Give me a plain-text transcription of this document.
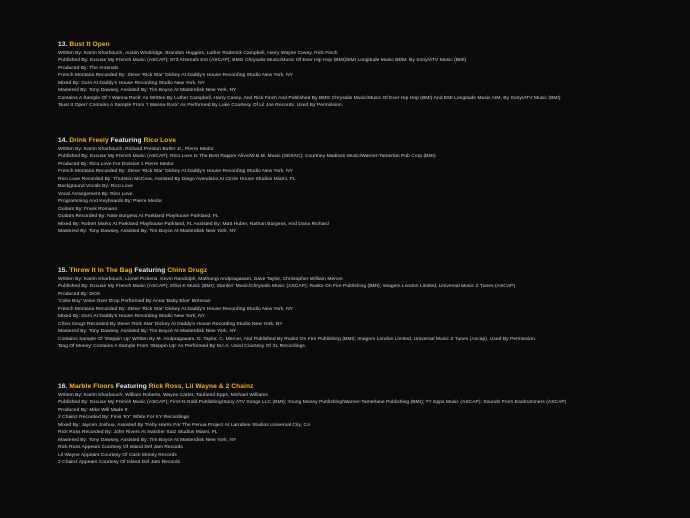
13. Bust It Open
Written By: Karim Kharbouch, Austin Woolridge, Brandon Huggins, Luther Roderick Campbell, Harry Wayne Casey, Rick Finch
Published By: Excuse My French Music (ASCAP); 973 Arsenals Ent (ASCAP); BMG Chrysalis Music/Music Of Ever Hip Hop (BMI)/EMI Longitude Music BDM. By Sony/ATV Music (BMI)
Produced By: The Arsenals
French Montana Recorded By: Steve 'Rick Star' Dickey At Daddy's House Recording Studio New York, NY
Mixed By: Duro At Daddy's House Recording Studio New York, NY
Mastered By: Tony Dawsey, Assisted By: Tim Boyce At Masterdisk New York, NY
Contains A Sample Of 'I Wanna Rock' As Written By Luther Campbell, Harry Casey, And Rick Finch And Published By BMG Chrysalis Music/Music Of Ever Hip Hop (BMI) And EMI Longitude Music AIM, By Sony/ATV Music (BMI)
'Bust It Open' Contains A Sample From 'I Wanna Rock' As Performed By Luke Courtesy Of Lil Joe Records. Used By Permission.
14. Drink Freely Featuring Rico Love
Written By: Karim Kharbouch, Richard Preston Butler Jr., Pierre Medor
Published By: Excuse My French Music (ASCAP); Rico Love Is The Best Rapper Alive/W.B.M. Music (SESAC); Courtney Madison Music/Warner-Tamerlan Pub Corp (BMI)
Produced By: Rico Love For Division 1 Pierre Medor
French Montana Recorded By: Steve 'Rick Star' Dickey At Daddy's House Recording Studio New York, NY
Rico Love Recorded By: Thurston McCrea, Assisted By Diego Avendano At Circle House Studios Miami, FL
Background Vocals By: Rico Love
Vocal Arrangement By: Rico Love
Programming And Keyboards By: Pierre Medor
Guitars By: Frank Romano
Guitars Recorded By: Nate Burgess At Parkland Playhouse Parkland, FL
Mixed By: Robert Marks At Parkland Playhouse Parkland, FL Assisted By: Matt Huber, Nathan Burgess, And Dana Richard
Mastered By: Tony Dawsey, Assisted By: Tim Boyce At Masterdisk New York, NY
15. Throw It In The Bag Featuring Chinx Drugz
Written By: Karim Kharbouch, Lionel Pickens, Kevin Randolph, Mathangi Arulpragasam, Dave Taylor, Christopher William Mercer.
Published By: Excuse My French Music (ASCAP); Elliot K Music (BMI); Stankin' Music/Chrysalis Music (ASCAP); Rusko On Fire Publishing (BMI); Imagem London Limited, Universal Music Z Tunes (ASCAP)
Produced By: DOS
'Coke Boy' Voice Over Drop Performed By Anna 'Baby Blue' Brennan
French Montana Recorded By: Steve 'Rick Star' Dickey At Daddy's House Recording Studio New York, NY
Mixed By: Duro At Daddy's House Recording Studio New York, NY
Chinx Drugz Recorded By Steve 'Rick Star' Dickey At Daddy's House Recording Studio New York, NY
Mastered By: Tony Dawsey, Assisted By: Tim Boyce At Masterdisk New York, NY
Contains Sample Of 'Steppin Up' Written By M. Arulpragasam, D. Taylor, C. Mercer, And Published By Rusko On Fire Publishing (BMI); Imagem London Limited, Universal Music Z Tunes (Ascap). Used By Permission.
'Bag Of Money' Contains A Sample From 'Steppin Up' As Performed By M.I.A. Used Courtesy Of XL Recordings.
16. Marble Floors Featuring Rick Ross, Lil Wayne & 2 Chainz
Written By: Karim Kharbouch, William Roberts, Wayne Carter, Tauheed Epps, Michael Williams
Published By: Excuse My French Music (ASCAP); First-N-Gold Publishing/Sony ATV Songs LLC (BMI); Young Money Publishing/Warner-Tamerlane Publishing (BMI); TY Epps Music (ASCAP); Sounds From Eardrummers (ASCAP)
Produced By: Mike Will Made It
2 Chainz Recorded By: Finis 'KY' White For KY Recordings
Mixed By: Jaycen Joshua, Assisted By Trehy Harris For The Penua Project At Larrabee Studios Universal City, CA
Rick Ross Recorded By: John Rivers At Swisher Sutz Studios Miami, FL
Mastered By: Tony Dawsey, Assisted By: Tim Boyce At Masterdisk New York, NY
Rick Ross Appears Courtesy Of Island Def Jam Records
Lil Wayne Appears Courtesy Of Cash Money Records
2 Chainz Appears Courtesy Of Island Def Jam Records
